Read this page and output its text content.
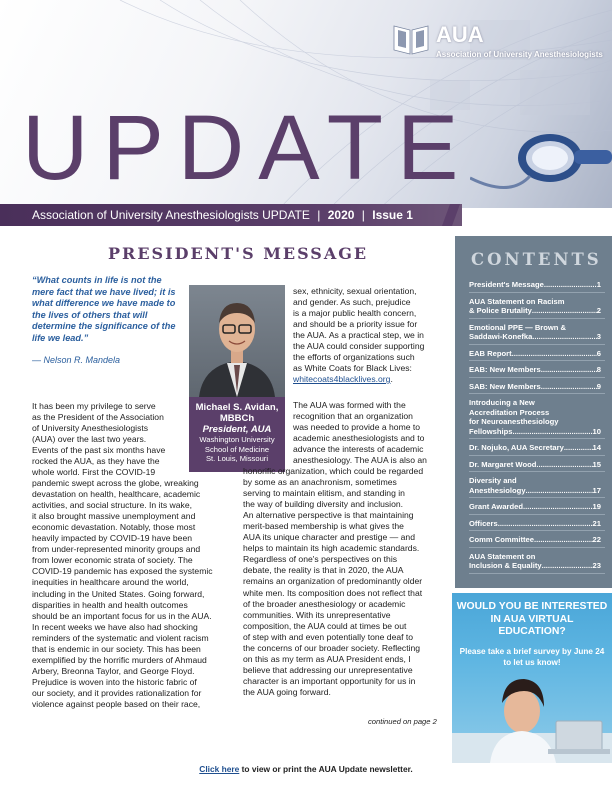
UPDATE
AUA
Association of University Anesthesiologists
Association of University Anesthesiologists UPDATE | 2020 | Issue 1
PRESIDENT'S MESSAGE
“What counts in life is not the mere fact that we have lived; it is what difference we have made to the lives of others that will determine the significance of the life we lead.”
— Nelson R. Mandela
Michael S. Avidan,
MBBCh
President, AUA
Washington University
School of Medicine
St. Louis, Missouri
It has been my privilege to serve
as the President of the Association
of University Anesthesiologists
(AUA) over the last two years.
Events of the past six months have
rocked the AUA, as they have the
whole world. First the COVID-19
pandemic swept across the globe, wreaking
devastation on health, healthcare, academic
activities, and social structure. In its wake,
it also brought massive unemployment and
economic devastation. Notably, those most
heavily impacted by COVID-19 have been
from under-represented minority groups and
from lower economic strata of society. The
COVID-19 pandemic has exposed the systemic
inequities in healthcare around the world,
including in the United States. Going forward,
disparities in health and health outcomes
should be an important focus for us in the AUA.
In recent weeks we have also had shocking
reminders of the systematic and violent racism
that is endemic in our society. This has been
exemplified by the horrific murders of Ahmaud
Arbery, Breonna Taylor, and George Floyd.
Prejudice is woven into the historic fabric of
our society, and it provides rationalization for
violence against people based on their race,
sex, ethnicity, sexual orientation,
and gender. As such, prejudice
is a major public health concern,
and should be a priority issue for
the AUA. As a practical step, we in
the AUA could consider supporting
the efforts of organizations such
as White Coats for Black Lives:
whitecoats4blacklives.org.
The AUA was formed with the
recognition that an organization
was needed to provide a home to
academic anesthesiologists and to
advance the interests of academic
anesthesiology. The AUA is also an
honorific organization, which could be regarded
by some as an anachronism, sometimes
serving to maintain elitism, and standing in
the way of building diversity and inclusion.
An alternative perspective is that maintaining
merit-based membership is what gives the
AUA its unique character and prestige — and
helps to maintain its high academic standards.
Regardless of one's perspectives on this
debate, the reality is that in 2020, the AUA
remains an organization of predominantly older
white men. Its composition does not reflect that
of the broader anesthesiology or academic
communities. With its unrepresentative
composition, the AUA could at times be out
of step with and even potentially tone deaf to
the concerns of our broader society. Reflecting
on this as my term as AUA President ends, I
believe that addressing our unrepresentative
character is an important opportunity for us in
the AUA going forward.
continued on page 2
CONTENTS
President's Message .....	1
AUA Statement on Racism
& Police Brutality .....	2
Emotional PPE — Brown &
Saddawi-Konefka .....	3
EAB Report .....	6
EAB: New Members .....	8
SAB: New Members .....	9
Introducing a New
Accreditation Process
for Neuroanesthesiology
Fellowships .....	10
Dr. Nojuko, AUA Secretary .....	14
Dr. Margaret Wood .....	15
Diversity and
Anesthesiology .....	17
Grant Awarded .....	19
Officers .....	21
Comm Committee .....	22
AUA Statement on
Inclusion & Equality .....	23
WOULD YOU BE INTERESTED IN AUA VIRTUAL EDUCATION?
Please take a brief survey by June 24 to let us know!
Click here to view or print the AUA Update newsletter.
